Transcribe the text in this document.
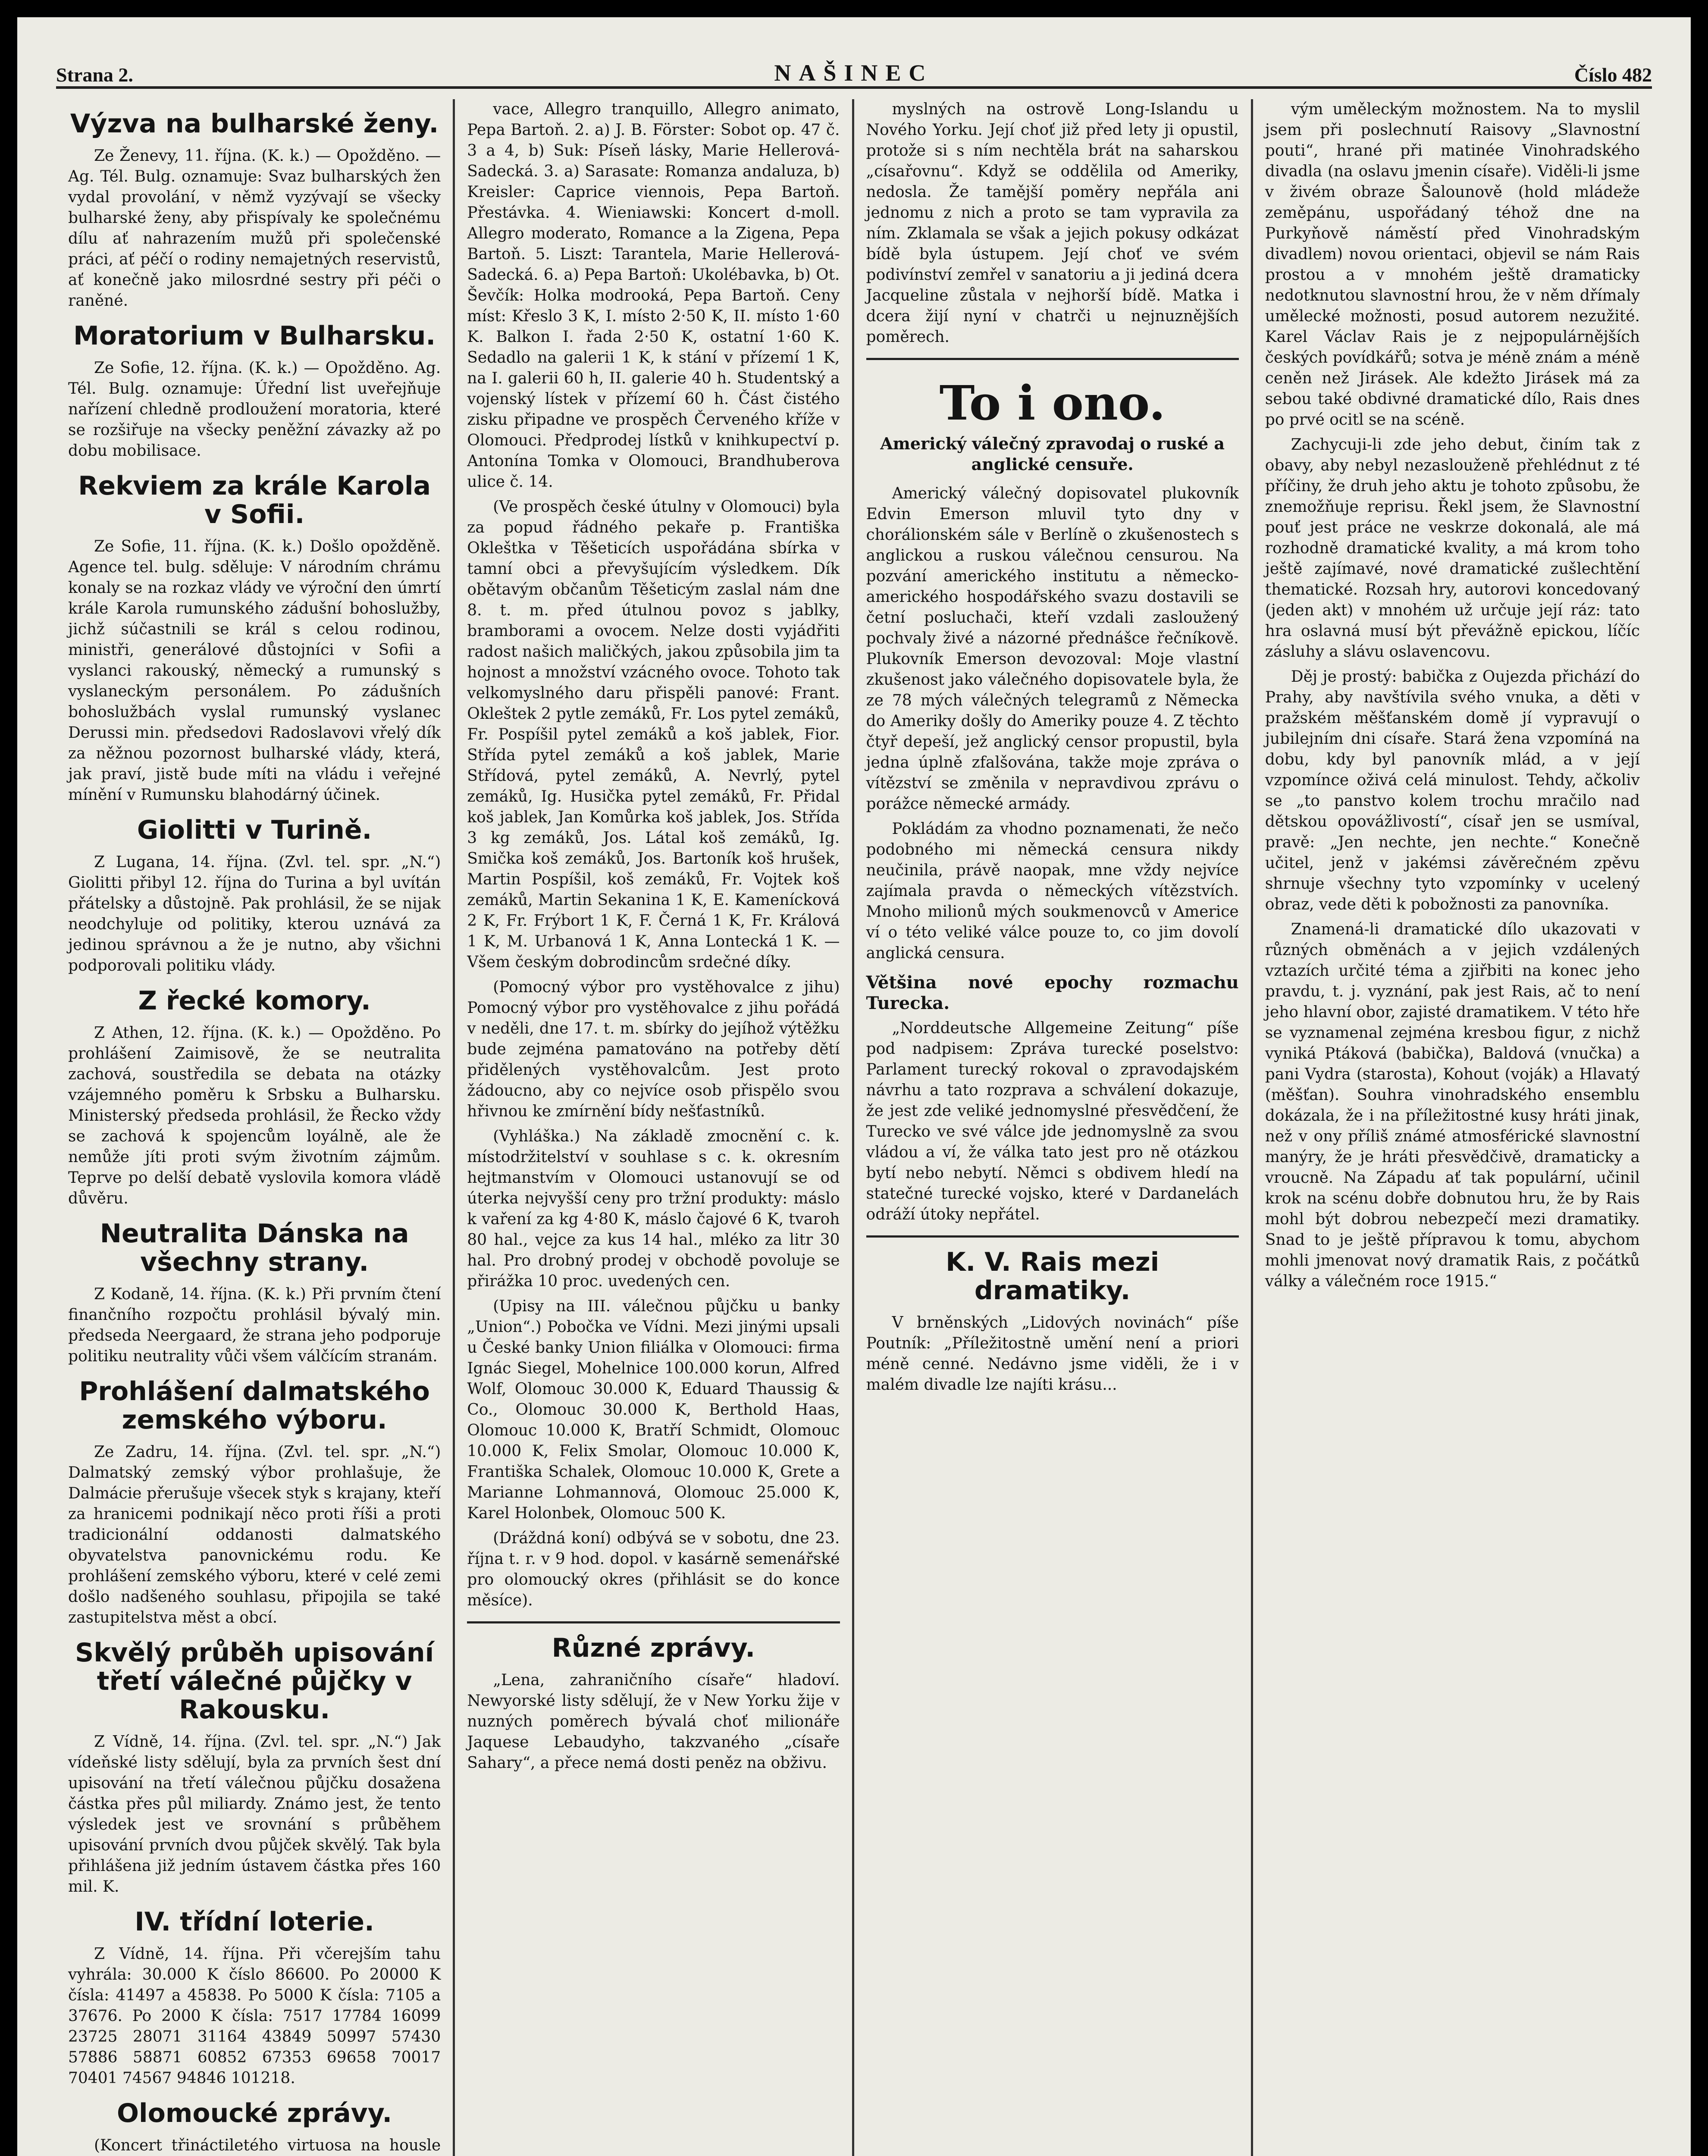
Strana 2.	NAŠINEC	Číslo 482
Výzva na bulharské ženy.

Ze Ženevy, 11. října. (K. k.) — Opožděno. — Ag. Tél. Bulg. oznamuje: Svaz bulharských žen vydal provolání, v němž vyzývají se všecky bulharské ženy, aby přispívaly ke společnému dílu ať nahrazením mužů při společenské práci, ať péčí o rodiny nemajetných reservistů, ať konečně jako milosrdné sestry při péči o raněné.

Moratorium v Bulharsku.

Ze Sofie, 12. října. (K. k.) — Opožděno. Ag. Tél. Bulg. oznamuje: Úřední list uveřejňuje nařízení chledně prodloužení moratoria, které se rozšiřuje na všecky peněžní závazky až po dobu mobilisace.

Rekviem za krále Karola v Sofii.

Ze Sofie, 11. října. (K. k.) Došlo opožděně. Agence tel. bulg. sděluje: V národním chrámu konaly se na rozkaz vlády ve výroční den úmrtí krále Karola rumunského zádušní bohoslužby, jichž súčastnili se král s celou rodinou, ministři, generálové důstojníci v Sofii a vyslanci rakouský, německý a rumunský s vyslaneckým personálem. Po zádušních bohoslužbách vyslal rumunský vyslanec Derussi min. předsedovi Radoslavovi vřelý dík za něžnou pozornost bulharské vlády, která, jak praví, jistě bude míti na vládu i veřejné mínění v Rumunsku blahodárný účinek.

Giolitti v Turině.

Z Lugana, 14. října. (Zvl. tel. spr. „N.“) Giolitti přibyl 12. října do Turina a byl uvítán přátelsky a důstojně. Pak prohlásil, že se nijak neodchyluje od politiky, kterou uznává za jedinou správnou a že je nutno, aby všichni podporovali politiku vlády.

Z řecké komory.

Z Athen, 12. října. (K. k.) — Opožděno. Po prohlášení Zaimisově, že se neutralita zachová, soustředila se debata na otázky vzájemného poměru k Srbsku a Bulharsku. Ministerský předseda prohlásil, že Řecko vždy se zachová k spojencům loyálně, ale že nemůže jíti proti svým životním zájmům. Teprve po delší debatě vyslovila komora vládě důvěru.

Neutralita Dánska na všechny strany.

Z Kodaně, 14. října. (K. k.) Při prvním čtení finančního rozpočtu prohlásil bývalý min. předseda Neergaard, že strana jeho podporuje politiku neutrality vůči všem válčícím stranám.

Prohlášení dalmatského zemského výboru.

Ze Zadru, 14. října. (Zvl. tel. spr. „N.“) Dalmatský zemský výbor prohlašuje, že Dalmácie přerušuje všecek styk s krajany, kteří za hranicemi podnikají něco proti říši a proti tradicionální oddanosti dalmatského obyvatelstva panovnickému rodu. Ke prohlášení zemského výboru, které v celé zemi došlo nadšeného souhlasu, připojila se také zastupitelstva měst a obcí.

Skvělý průběh upisování třetí válečné půjčky v Rakousku.

Z Vídně, 14. října. (Zvl. tel. spr. „N.“) Jak vídeňské listy sdělují, byla za prvních šest dní upisování na třetí válečnou půjčku dosažena částka přes půl miliardy. Známo jest, že tento výsledek jest ve srovnání s průběhem upisování prvních dvou půjček skvělý. Tak byla přihlášena již jedním ústavem částka přes 160 mil. K.

IV. třídní loterie.

Z Vídně, 14. října. Při včerejším tahu vyhrála: 30.000 K číslo 86600. Po 20000 K čísla: 41497 a 45838. Po 5000 K čísla: 7105 a 37676. Po 2000 K čísla: 7517 17784 16099 23725 28071 31164 43849 50997 57430 57886 58871 60852 67353 69658 70017 70401 74567 94846 101218.

Olomoucké zprávy.

(Koncert třináctiletého virtuosa na housle

vace, Allegro tranquillo, Allegro animato, Pepa Bartoň. 2. a) J. B. Förster: Sobot op. 47 č. 3 a 4, b) Suk: Píseň lásky, Marie Hellerová-Sadecká. 3. a) Sarasate: Romanza andaluza, b) Kreisler: Caprice viennois, Pepa Bartoň. Přestávka. 4. Wieniawski: Koncert d-moll. Allegro moderato, Romance a la Zigena, Pepa Bartoň. 5. Liszt: Tarantela, Marie Hellerová-Sadecká. 6. a) Pepa Bartoň: Ukolébavka, b) Ot. Ševčík: Holka modrooká, Pepa Bartoň. Ceny míst: Křeslo 3 K, I. místo 2·50 K, II. místo 1·60 K. Balkon I. řada 2·50 K, ostatní 1·60 K. Sedadlo na galerii 1 K, k stání v přízemí 1 K, na I. galerii 60 h, II. galerie 40 h. Studentský a vojenský lístek v přízemí 60 h. Část čistého zisku připadne ve prospěch Červeného kříže v Olomouci. Předprodej lístků v knihkupectví p. Antonína Tomka v Olomouci, Brandhuberova ulice č. 14.

(Ve prospěch české útulny v Olomouci) byla za popud řádného pekaře p. Františka Okleštka v Těšeticích uspořádána sbírka v tamní obci a převyšujícím výsledkem. Dík obětavým občanům Těšeticým zaslal nám dne 8. t. m. před útulnou povoz s jablky, bramborami a ovocem. Nelze dosti vyjádřiti radost našich maličkých, jakou způsobila jim ta hojnost a množství vzácného ovoce. Tohoto tak velkomyslného daru přispěli panové: Frant. Okleštek 2 pytle zemáků, Fr. Los pytel zemáků, Fr. Pospíšil pytel zemáků a koš jablek, Fior. Střída pytel zemáků a koš jablek, Marie Střídová, pytel zemáků, A. Nevrlý, pytel zemáků, Ig. Husička pytel zemáků, Fr. Přidal koš jablek, Jan Komůrka koš jablek, Jos. Střída 3 kg zemáků, Jos. Látal koš zemáků, Ig. Smička koš zemáků, Jos. Bartoník koš hrušek, Martin Pospíšil, koš zemáků, Fr. Vojtek koš zemáků, Martin Sekanina 1 K, E. Kamenícková 2 K, Fr. Frýbort 1 K, F. Černá 1 K, Fr. Králová 1 K, M. Urbanová 1 K, Anna Lontecká 1 K. — Všem českým dobrodincům srdečné díky.

(Pomocný výbor pro vystěhovalce z jihu) Pomocný výbor pro vystěhovalce z jihu pořádá v neděli, dne 17. t. m. sbírky do jejíhož výtěžku bude zejména pamatováno na potřeby dětí přidělených vystěhovalcům. Jest proto žádoucno, aby co nejvíce osob přispělo svou hřivnou ke zmírnění bídy nešťastníků.

(Vyhláška.) Na základě zmocnění c. k. místodržitelství v souhlase s c. k. okresním hejtmanstvím v Olomouci ustanovují se od úterka nejvyšší ceny pro tržní produkty: máslo k vaření za kg 4·80 K, máslo čajové 6 K, tvaroh 80 hal., vejce za kus 14 hal., mléko za litr 30 hal. Pro drobný prodej v obchodě povoluje se přirážka 10 proc. uvedených cen.

(Upisy na III. válečnou půjčku u banky „Union“.) Pobočka ve Vídni. Mezi jinými upsali u České banky Union filiálka v Olomouci: firma Ignác Siegel, Mohelnice 100.000 korun, Alfred Wolf, Olomouc 30.000 K, Eduard Thaussig & Co., Olomouc 30.000 K, Berthold Haas, Olomouc 10.000 K, Bratří Schmidt, Olomouc 10.000 K, Felix Smolar, Olomouc 10.000 K, Františka Schalek, Olomouc 10.000 K, Grete a Marianne Lohmannová, Olomouc 25.000 K, Karel Holonbek, Olomouc 500 K.

(Dráždná koní) odbývá se v sobotu, dne 23. října t. r. v 9 hod. dopol. v kasárně semenářské pro olomoucký okres (přihlásit se do konce měsíce).

Různé zprávy.

„Lena, zahraničního císaře“ hladoví. Newyorské listy sdělují, že v New Yorku žije v nuzných poměrech bývalá choť milionáře Jaquese Lebaudyho, takzvaného „císaře Sahary“, a přece nemá dosti peněz na obživu.

myslných na ostrově Long-Islandu u Nového Yorku. Její choť již před lety ji opustil, protože si s ním nechtěla brát na saharskou „císařovnu“. Když se oddělila od Ameriky, nedosla. Že tamější poměry nepřála ani jednomu z nich a proto se tam vypravila za ním. Zklamala se však a jejich pokusy odkázat bídě byla ústupem. Její choť ve svém podivínství zemřel v sanatoriu a ji jediná dcera Jacqueline zůstala v nejhorší bídě. Matka i dcera žijí nyní v chatrči u nejnuznějších poměrech.

To i ono.
Americký válečný zpravodaj o ruské a anglické censuře.

Americký válečný dopisovatel plukovník Edvin Emerson mluvil tyto dny v chorálionském sále v Berlíně o zkušenostech s anglickou a ruskou válečnou censurou. Na pozvání amerického institutu a německo-amerického hospodářského svazu dostavili se četní posluchači, kteří vzdali zasloužený pochvaly živé a názorné přednášce řečníkově. Plukovník Emerson devozoval: Moje vlastní zkušenost jako válečného dopisovatele byla, že ze 78 mých válečných telegramů z Německa do Ameriky došly do Ameriky pouze 4. Z těchto čtyř depeší, jež anglický censor propustil, byla jedna úplně zfalšována, takže moje zpráva o vítězství se změnila v nepravdivou zprávu o porážce německé armády.

Pokládám za vhodno poznamenati, že nečo podobného mi německá censura nikdy neučinila, právě naopak, mne vždy nejvíce zajímala pravda o německých vítězstvích. Mnoho milionů mých soukmenovců v Americe ví o této veliké válce pouze to, co jim dovolí anglická censura.

Většina nové epochy rozmachu Turecka.

„Norddeutsche Allgemeine Zeitung“ píše pod nadpisem: Zpráva turecké poselstvo: Parlament turecký rokoval o zpravodajském návrhu a tato rozprava a schválení dokazuje, že jest zde veliké jednomyslné přesvědčení, že Turecko ve své válce jde jednomyslně za svou vládou a ví, že válka tato jest pro ně otázkou bytí nebo nebytí. Němci s obdivem hledí na statečné turecké vojsko, které v Dardanelách odráží útoky nepřátel.

K. V. Rais mezi dramatiky.

V brněnských „Lidových novinách“ píše Poutník: „Příležitostně umění není a priori méně cenné. Nedávno jsme viděli, že i v malém divadle lze najíti krásu...

vým uměleckým možnostem. Na to myslil jsem při poslechnutí Raisovy „Slavnostní pouti“, hrané při matinée Vinohradského divadla (na oslavu jmenin císaře). Viděli-li jsme v živém obraze Šalounově (hold mládeže zeměpánu, uspořádaný téhož dne na Purkyňově náměstí před Vinohradským divadlem) novou orientaci, objevil se nám Rais prostou a v mnohém ještě dramaticky nedotknutou slavnostní hrou, že v něm dřímaly umělecké možnosti, posud autorem nezužité. Karel Václav Rais je z nejpopulárnějších českých povídkářů; sotva je méně znám a méně ceněn než Jirásek. Ale kdežto Jirásek má za sebou také obdivné dramatické dílo, Rais dnes po prvé ocitl se na scéně.

Zachycuji-li zde jeho debut, činím tak z obavy, aby nebyl nezaslouženě přehlédnut z té příčiny, že druh jeho aktu je tohoto způsobu, že znemožňuje reprisu. Řekl jsem, že Slavnostní pouť jest práce ne veskrze dokonalá, ale má rozhodně dramatické kvality, a má krom toho ještě zajímavé, nové dramatické zušlechtění thematické. Rozsah hry, autorovi koncedovaný (jeden akt) v mnohém už určuje její ráz: tato hra oslavná musí být převážně epickou, líčíc zásluhy a slávu oslavencovu.

Děj je prostý: babička z Oujezda přichází do Prahy, aby navštívila svého vnuka, a děti v pražském měšťanském domě jí vypravují o jubilejním dni císaře. Stará žena vzpomíná na dobu, kdy byl panovník mlád, a v její vzpomínce oživá celá minulost. Tehdy, ačkoliv se „to panstvo kolem trochu mračilo nad dětskou opovážlivostí“, císař jen se usmíval, pravě: „Jen nechte, jen nechte.“ Konečně učitel, jenž v jakémsi závěrečném zpěvu shrnuje všechny tyto vzpomínky v ucelený obraz, vede děti k pobožnosti za panovníka.

Znamená-li dramatické dílo ukazovati v různých obměnách a v jejich vzdálených vztazích určité téma a zjiřbiti na konec jeho pravdu, t. j. vyznání, pak jest Rais, ač to není jeho hlavní obor, zajisté dramatikem. V této hře se vyznamenal zejména kresbou figur, z nichž vyniká Ptáková (babička), Baldová (vnučka) a pani Vydra (starosta), Kohout (voják) a Hlavatý (měšťan). Souhra vinohradského ensemblu dokázala, že i na příležitostné kusy hráti jinak, než v ony příliš známé atmosférické slavnostní manýry, že je hráti přesvědčivě, dramaticky a vroucně. Na Západu ať tak populární, učinil krok na scénu dobře dobnutou hru, že by Rais mohl být dobrou nebezpečí mezi dramatiky. Snad to je ještě přípravou k tomu, abychom mohli jmenovat nový dramatik Rais, z počátků války a válečném roce 1915.“
